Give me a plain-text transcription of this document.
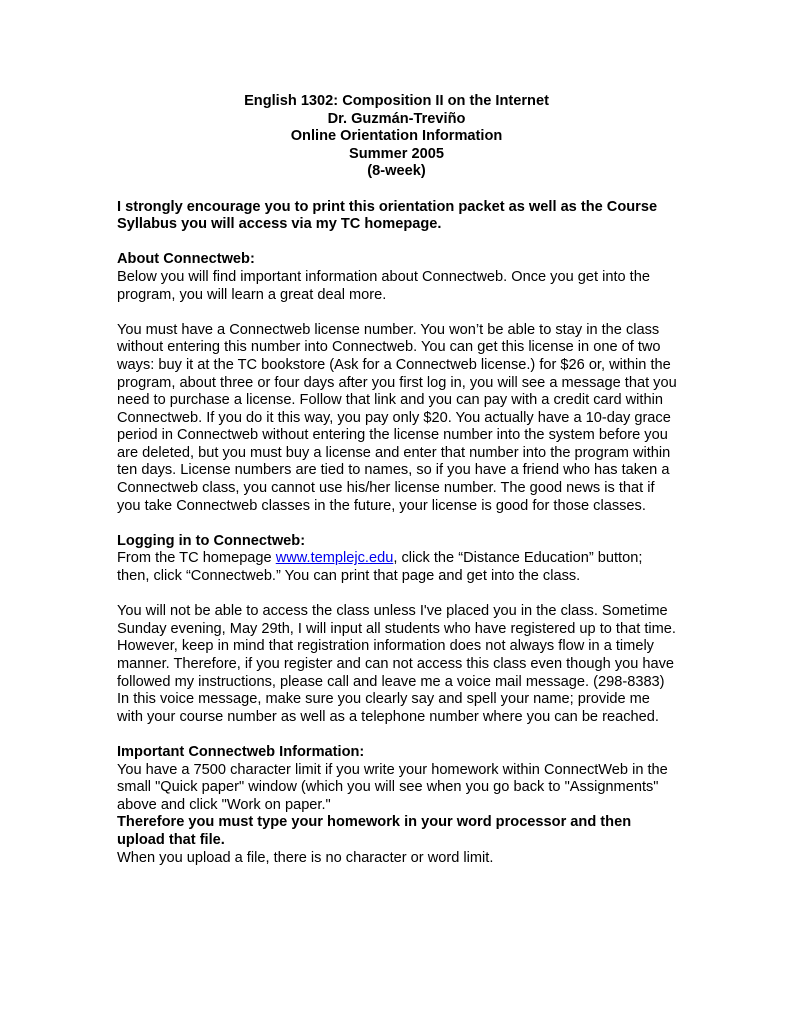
English 1302: Composition II on the Internet
Dr. Guzmán-Treviño
Online Orientation Information
Summer 2005
(8-week)

I strongly encourage you to print this orientation packet as well as the Course Syllabus you will access via my TC homepage.

About Connectweb:

Below you will find important information about Connectweb. Once you get into the program, you will learn a great deal more.

You must have a Connectweb license number. You won’t be able to stay in the class without entering this number into Connectweb. You can get this license in one of two ways: buy it at the TC bookstore (Ask for a Connectweb license.) for $26 or, within the program, about three or four days after you first log in, you will see a message that you need to purchase a license. Follow that link and you can pay with a credit card within Connectweb. If you do it this way, you pay only $20. You actually have a 10-day grace period in Connectweb without entering the license number into the system before you are deleted, but you must buy a license and enter that number into the program within ten days. License numbers are tied to names, so if you have a friend who has taken a Connectweb class, you cannot use his/her license number. The good news is that if you take Connectweb classes in the future, your license is good for those classes.

Logging in to Connectweb:

From the TC homepage www.templejc.edu, click the “Distance Education” button; then, click “Connectweb.” You can print that page and get into the class.

You will not be able to access the class unless I've placed you in the class. Sometime Sunday evening, May 29th, I will input all students who have registered up to that time. However, keep in mind that registration information does not always flow in a timely manner. Therefore, if you register and can not access this class even though you have followed my instructions, please call and leave me a voice mail message. (298-8383) In this voice message, make sure you clearly say and spell your name; provide me with your course number as well as a telephone number where you can be reached.

Important Connectweb Information:

You have a 7500 character limit if you write your homework within ConnectWeb in the small "Quick paper" window (which you will see when you go back to "Assignments" above and click "Work on paper."

Therefore you must type your homework in your word processor and then upload that file.

When you upload a file, there is no character or word limit.
